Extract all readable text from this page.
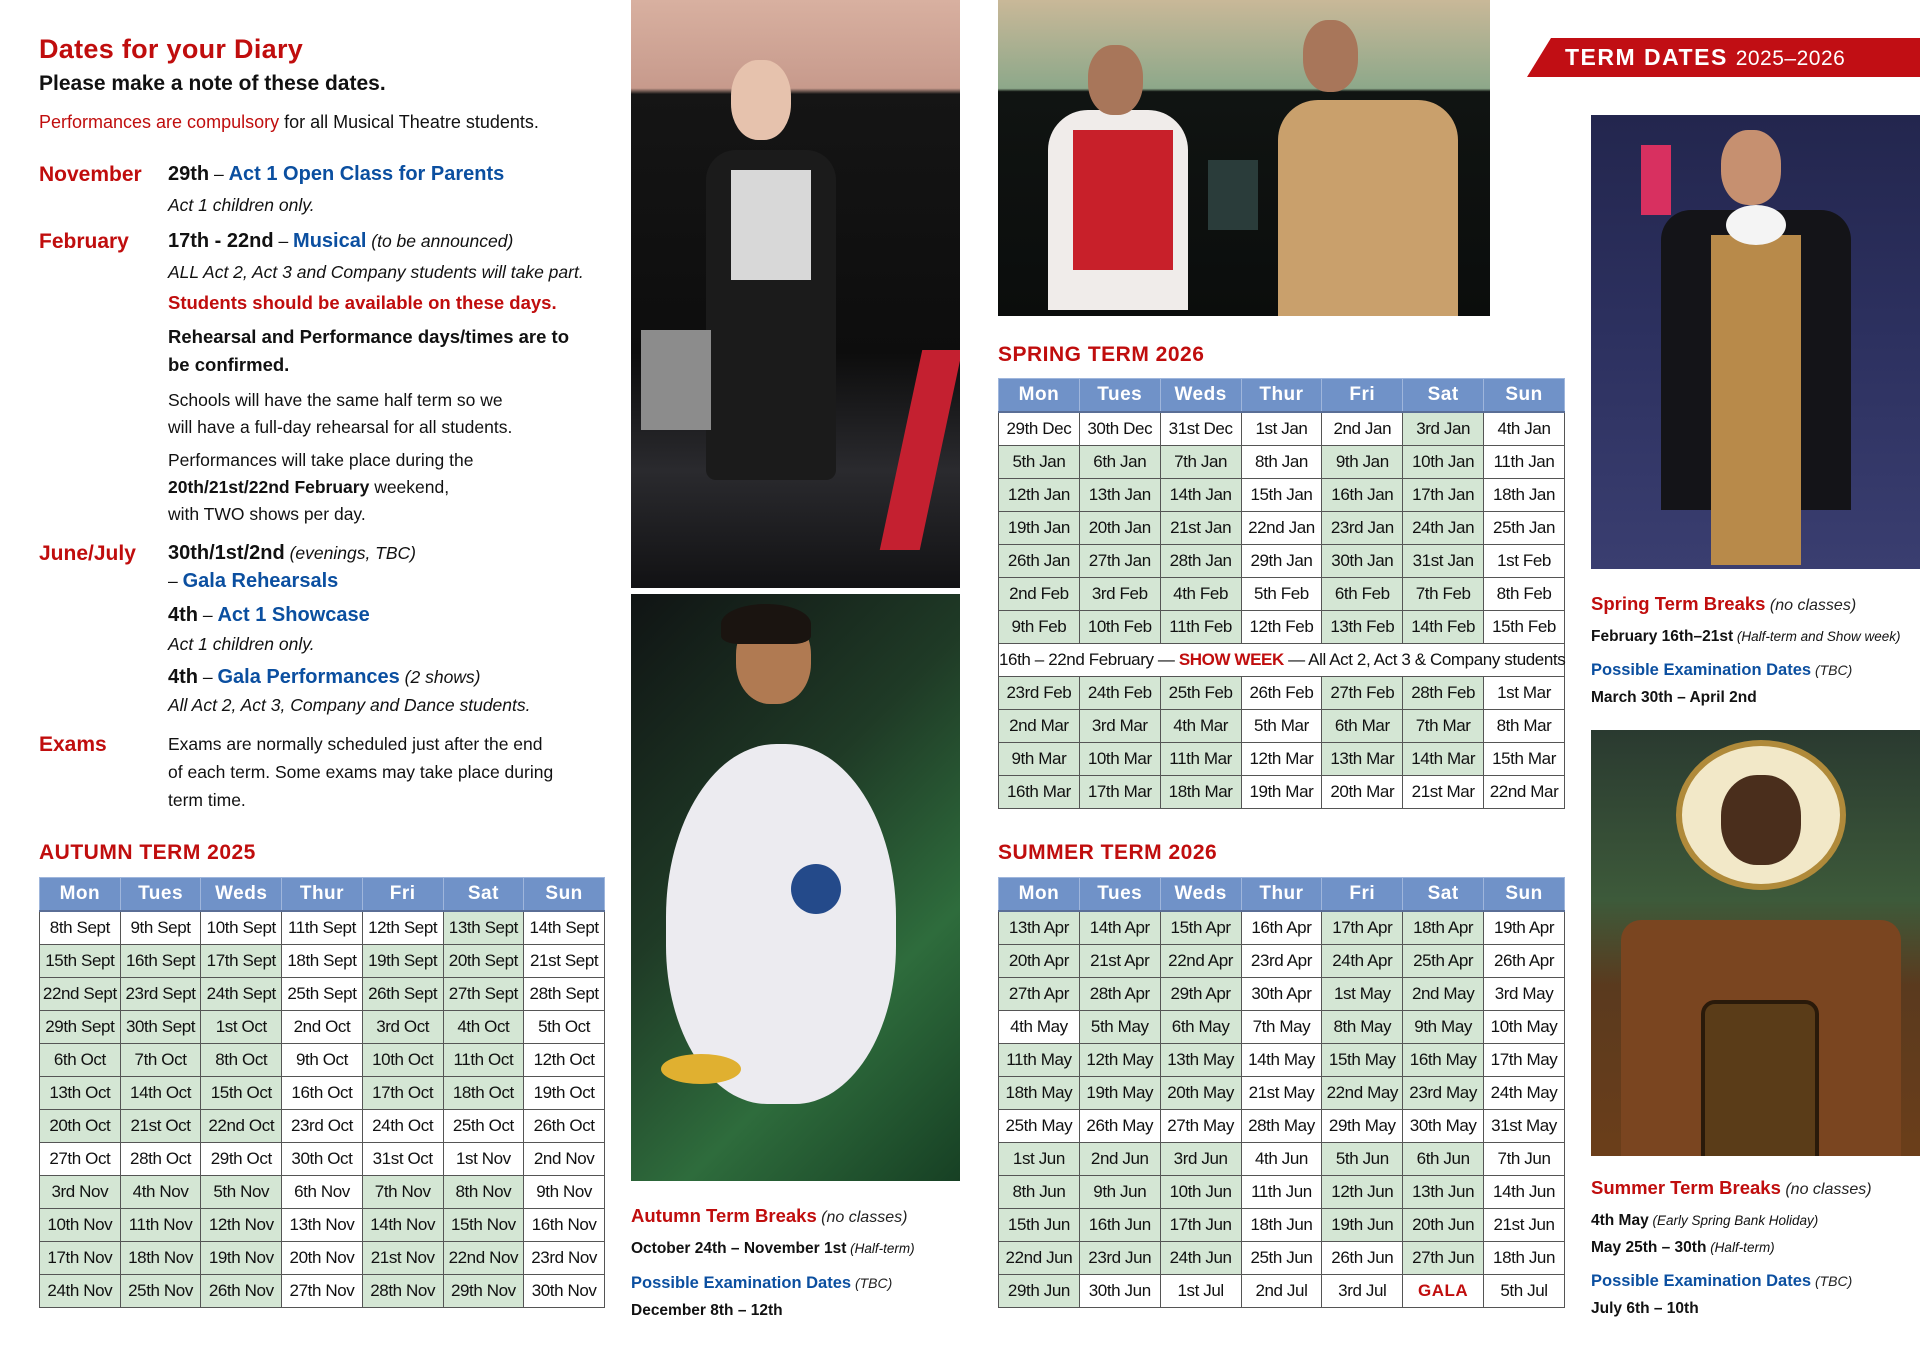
Dates for your Diary
Please make a note of these dates.
Performances are compulsory for all Musical Theatre students.
November 29th – Act 1 Open Class for Parents
Act 1 children only.
February 17th - 22nd – Musical (to be announced)
ALL Act 2, Act 3 and Company students will take part.
Students should be available on these days.
Rehearsal and Performance days/times are to
be confirmed.
Schools will have the same half term so we
will have a full-day rehearsal for all students.
Performances will take place during the
20th/21st/22nd February weekend,
with TWO shows per day.
June/July 30th/1st/2nd (evenings, TBC)
– Gala Rehearsals
4th – Act 1 Showcase
Act 1 children only.
4th – Gala Performances (2 shows)
All Act 2, Act 3, Company and Dance students.
Exams	Exams are normally scheduled just after the end
of each term. Some exams may take place during
term time.
AUTUMN TERM 2025
Mon	Tues	Weds	Thur	Fri	Sat	Sun
8th Sept	9th Sept	10th Sept	11th Sept	12th Sept	13th Sept	14th Sept
15th Sept	16th Sept	17th Sept	18th Sept	19th Sept	20th Sept	21st Sept
22nd Sept	23rd Sept	24th Sept	25th Sept	26th Sept	27th Sept	28th Sept
29th Sept	30th Sept	1st Oct	2nd Oct	3rd Oct	4th Oct	5th Oct
6th Oct	7th Oct	8th Oct	9th Oct	10th Oct	11th Oct	12th Oct
13th Oct	14th Oct	15th Oct	16th Oct	17th Oct	18th Oct	19th Oct
20th Oct	21st Oct	22nd Oct	23rd Oct	24th Oct	25th Oct	26th Oct
27th Oct	28th Oct	29th Oct	30th Oct	31st Oct	1st Nov	2nd Nov
3rd Nov	4th Nov	5th Nov	6th Nov	7th Nov	8th Nov	9th Nov
10th Nov	11th Nov	12th Nov	13th Nov	14th Nov	15th Nov	16th Nov
17th Nov	18th Nov	19th Nov	20th Nov	21st Nov	22nd Nov	23rd Nov
24th Nov	25th Nov	26th Nov	27th Nov	28th Nov	29th Nov	30th Nov
Autumn Term Breaks (no classes)
October 24th – November 1st (Half-term)
Possible Examination Dates (TBC)
December 8th – 12th
SPRING TERM 2026
Mon	Tues	Weds	Thur	Fri	Sat	Sun
29th Dec	30th Dec	31st Dec	1st Jan	2nd Jan	3rd Jan	4th Jan
5th Jan	6th Jan	7th Jan	8th Jan	9th Jan	10th Jan	11th Jan
12th Jan	13th Jan	14th Jan	15th Jan	16th Jan	17th Jan	18th Jan
19th Jan	20th Jan	21st Jan	22nd Jan	23rd Jan	24th Jan	25th Jan
26th Jan	27th Jan	28th Jan	29th Jan	30th Jan	31st Jan	1st Feb
2nd Feb	3rd Feb	4th Feb	5th Feb	6th Feb	7th Feb	8th Feb
9th Feb	10th Feb	11th Feb	12th Feb	13th Feb	14th Feb	15th Feb
16th – 22nd February — SHOW WEEK — All Act 2, Act 3 & Company students						
23rd Feb	24th Feb	25th Feb	26th Feb	27th Feb	28th Feb	1st Mar
2nd Mar	3rd Mar	4th Mar	5th Mar	6th Mar	7th Mar	8th Mar
9th Mar	10th Mar	11th Mar	12th Mar	13th Mar	14th Mar	15th Mar
16th Mar	17th Mar	18th Mar	19th Mar	20th Mar	21st Mar	22nd Mar
SUMMER TERM 2026
Mon	Tues	Weds	Thur	Fri	Sat	Sun
13th Apr	14th Apr	15th Apr	16th Apr	17th Apr	18th Apr	19th Apr
20th Apr	21st Apr	22nd Apr	23rd Apr	24th Apr	25th Apr	26th Apr
27th Apr	28th Apr	29th Apr	30th Apr	1st May	2nd May	3rd May
4th May	5th May	6th May	7th May	8th May	9th May	10th May
11th May	12th May	13th May	14th May	15th May	16th May	17th May
18th May	19th May	20th May	21st May	22nd May	23rd May	24th May
25th May	26th May	27th May	28th May	29th May	30th May	31st May
1st Jun	2nd Jun	3rd Jun	4th Jun	5th Jun	6th Jun	7th Jun
8th Jun	9th Jun	10th Jun	11th Jun	12th Jun	13th Jun	14th Jun
15th Jun	16th Jun	17th Jun	18th Jun	19th Jun	20th Jun	21st Jun
22nd Jun	23rd Jun	24th Jun	25th Jun	26th Jun	27th Jun	18th Jun
29th Jun	30th Jun	1st Jul	2nd Jul	3rd Jul	GALA	5th Jul
TERM DATES 2025–2026
Spring Term Breaks (no classes)
February 16th–21st (Half-term and Show week)
Possible Examination Dates (TBC)
March 30th – April 2nd
Summer Term Breaks (no classes)
4th May (Early Spring Bank Holiday)
May 25th – 30th (Half-term)
Possible Examination Dates (TBC)
July 6th – 10th
